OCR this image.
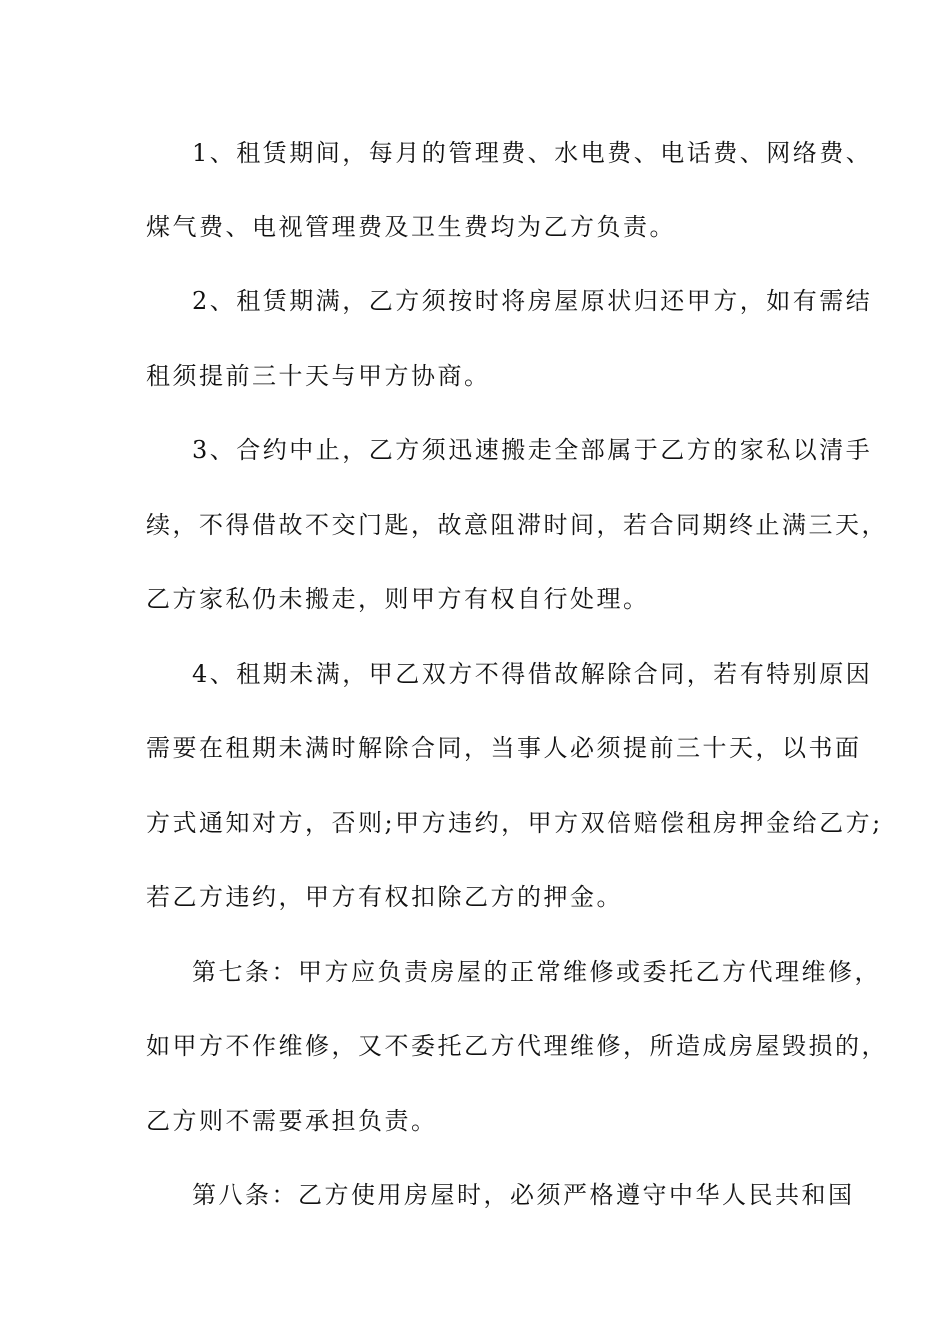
1、租赁期间，每月的管理费、水电费、电话费、网络费、
煤气费、电视管理费及卫生费均为乙方负责。
2、租赁期满，乙方须按时将房屋原状归还甲方，如有需结
租须提前三十天与甲方协商。
3、合约中止，乙方须迅速搬走全部属于乙方的家私以清手
续，不得借故不交门匙，故意阻滞时间，若合同期终止满三天，
乙方家私仍未搬走，则甲方有权自行处理。
4、租期未满，甲乙双方不得借故解除合同，若有特别原因
需要在租期未满时解除合同，当事人必须提前三十天，以书面
方式通知对方，否则;甲方违约，甲方双倍赔偿租房押金给乙方;
若乙方违约，甲方有权扣除乙方的押金。
第七条：甲方应负责房屋的正常维修或委托乙方代理维修，
如甲方不作维修，又不委托乙方代理维修，所造成房屋毁损的，
乙方则不需要承担负责。
第八条：乙方使用房屋时，必须严格遵守中华人民共和国
